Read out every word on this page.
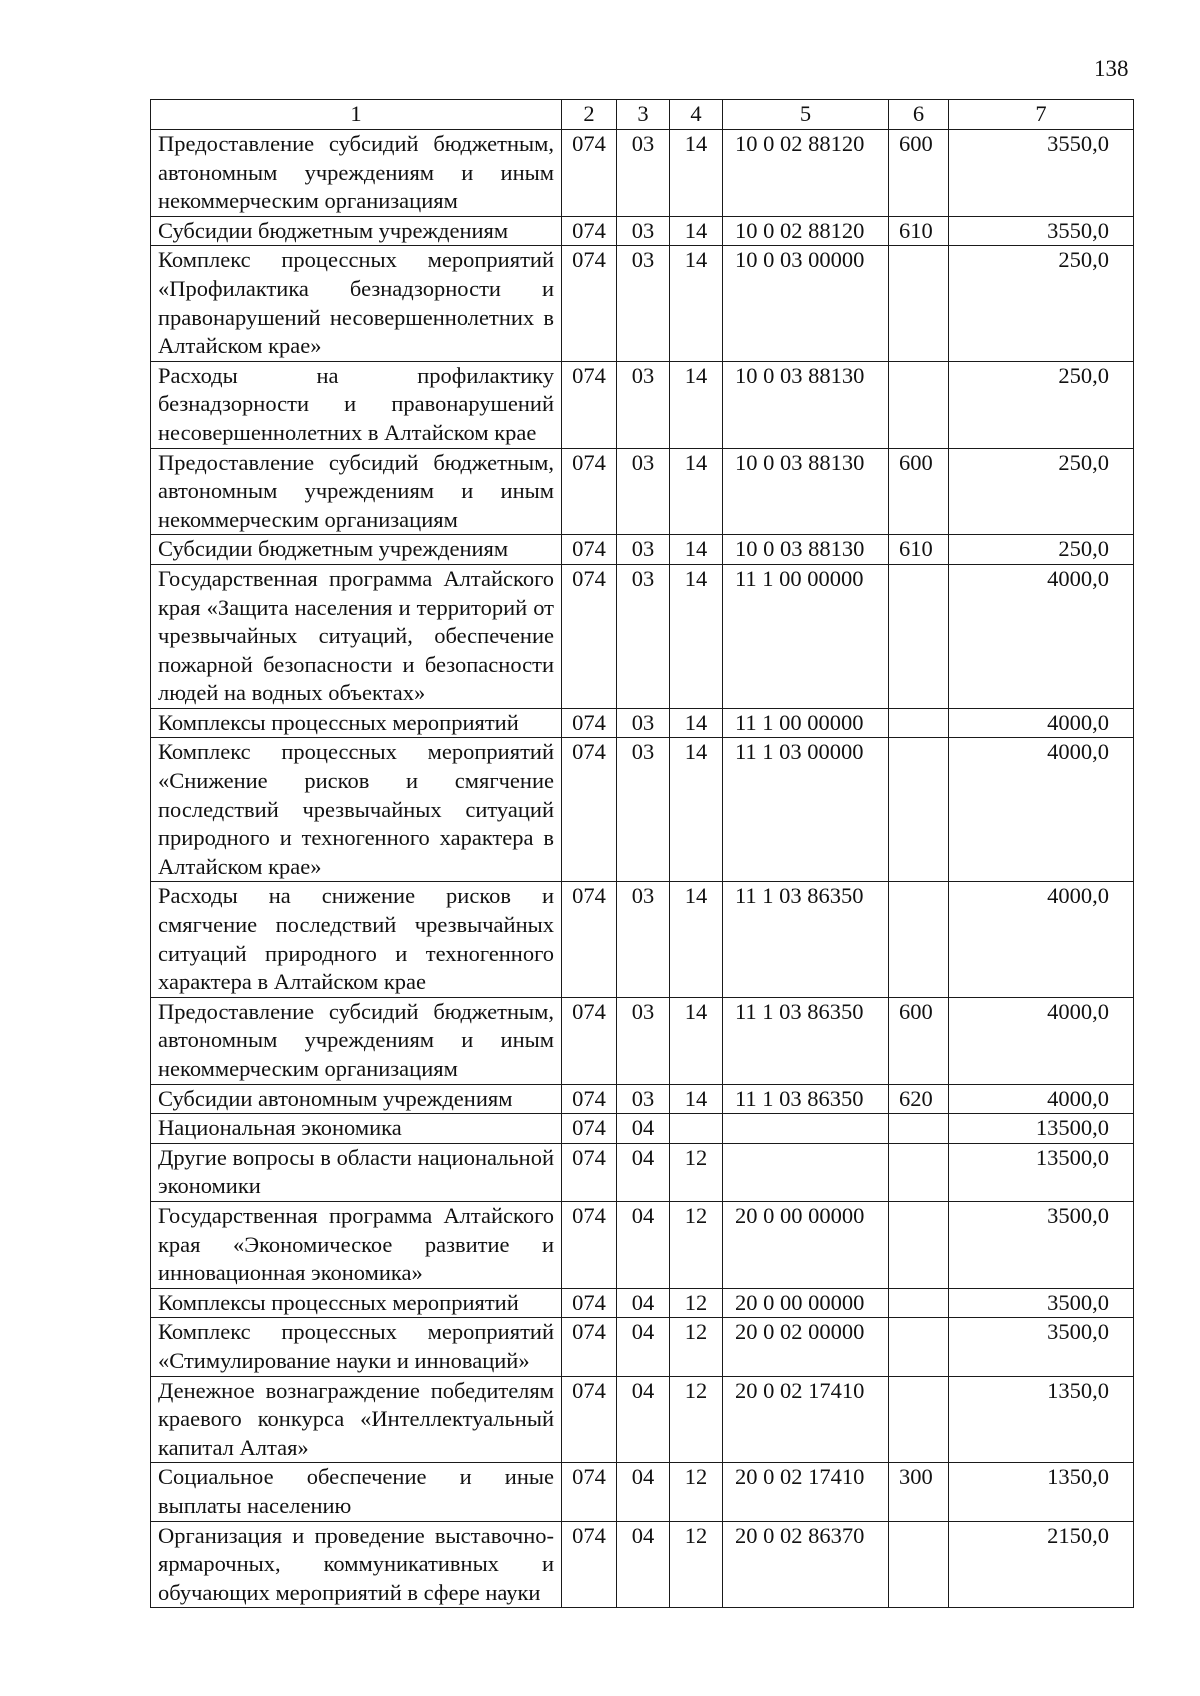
138
1	2	3	4	5	6	7
Предоставление субсидий бюджетным, автономным учреждениям и иным некоммерческим организациям	074	03	14	10 0 02 88120	600	3550,0
Субсидии бюджетным учреждениям	074	03	14	10 0 02 88120	610	3550,0
Комплекс процессных мероприятий «Профилактика безнадзорности и правонарушений несовершеннолетних в Алтайском крае»	074	03	14	10 0 03 00000		250,0
Расходы на профилактику безнадзорности и правонарушений несовершеннолетних в Алтайском крае	074	03	14	10 0 03 88130		250,0
Предоставление субсидий бюджетным, автономным учреждениям и иным некоммерческим организациям	074	03	14	10 0 03 88130	600	250,0
Субсидии бюджетным учреждениям	074	03	14	10 0 03 88130	610	250,0
Государственная программа Алтайского края «Защита населения и территорий от чрезвычайных ситуаций, обеспечение пожарной безопасности и безопасности людей на водных объектах»	074	03	14	11 1 00 00000		4000,0
Комплексы процессных мероприятий	074	03	14	11 1 00 00000		4000,0
Комплекс процессных мероприятий «Снижение рисков и смягчение последствий чрезвычайных ситуаций природного и техногенного характера в Алтайском крае»	074	03	14	11 1 03 00000		4000,0
Расходы на снижение рисков и смягчение последствий чрезвычайных ситуаций природного и техногенного характера в Алтайском крае	074	03	14	11 1 03 86350		4000,0
Предоставление субсидий бюджетным, автономным учреждениям и иным некоммерческим организациям	074	03	14	11 1 03 86350	600	4000,0
Субсидии автономным учреждениям	074	03	14	11 1 03 86350	620	4000,0
Национальная экономика	074	04				13500,0
Другие вопросы в области национальной экономики	074	04	12			13500,0
Государственная программа Алтайского края «Экономическое развитие и инновационная экономика»	074	04	12	20 0 00 00000		3500,0
Комплексы процессных мероприятий	074	04	12	20 0 00 00000		3500,0
Комплекс процессных мероприятий «Стимулирование науки и инноваций»	074	04	12	20 0 02 00000		3500,0
Денежное вознаграждение победителям краевого конкурса «Интеллектуальный капитал Алтая»	074	04	12	20 0 02 17410		1350,0
Социальное обеспечение и иные выплаты населению	074	04	12	20 0 02 17410	300	1350,0
Организация и проведение выставочно-ярмарочных, коммуникативных и обучающих мероприятий в сфере науки	074	04	12	20 0 02 86370		2150,0
